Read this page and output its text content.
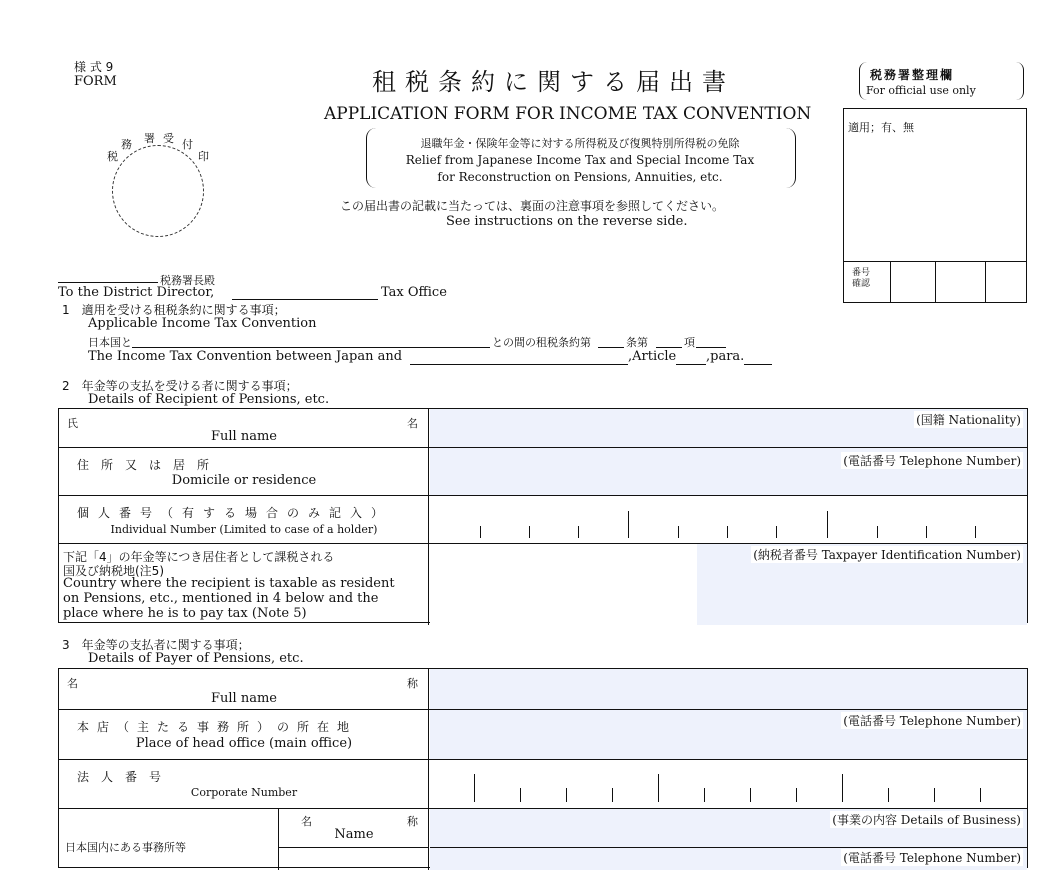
様 式 9
FORM
税
務 署 受 付
印
租税条約に関する届出書
APPLICATION FORM FOR INCOME TAX CONVENTION
退職年金・保険年金等に対する所得税及び復興特別所得税の免除
Relief from Japanese Income Tax and Special Income Tax
for Reconstruction on Pensions, Annuities, etc.
この届出書の記載に当たっては、裏面の注意事項を参照してください。
See instructions on the reverse side.
税務署整理欄
For official use only
適用；有、無
番号 確認
税務署長殿
To the District Director,	Tax Office
1　適用を受ける租税条約に関する事項；
Applicable Income Tax Convention
日本国と	との間の租税条約第	条第	項
The Income Tax Convention between Japan and	,Article ,para.
2　年金等の支払を受ける者に関する事項；
Details of Recipient of Pensions, etc.
氏	名
Full name
(国籍 Nationality)
住　所　又　は　居　所
Domicile or residence
(電話番号 Telephone Number)
個人番号（有する場合のみ記入）
Individual Number (Limited to case of a holder)
下記「4」の年金等につき居住者として課税される
国及び納税地(注5)
Country where the recipient is taxable as resident
on Pensions, etc., mentioned in 4 below and the
place where he is to pay tax (Note 5)
(納税者番号 Taxpayer Identification Number)
3　年金等の支払者に関する事項；
Details of Payer of Pensions, etc.
名	称
Full name
本店（主たる事務所）の所在地
Place of head office (main office)
(電話番号 Telephone Number)
法　人　番　号
Corporate Number
日本国内にある事務所等
名	称
Name
(事業の内容 Details of Business)
(電話番号 Telephone Number)
